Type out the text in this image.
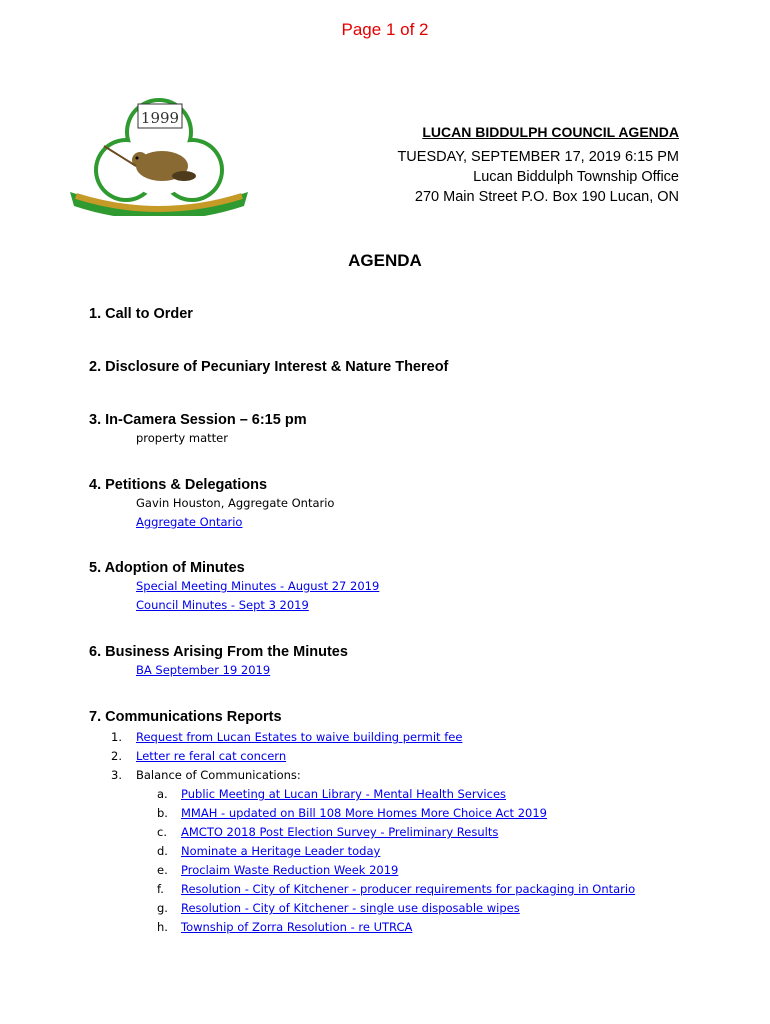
Page 1 of 2
1999
LUCAN BIDDULPH COUNCIL AGENDA
TUESDAY, SEPTEMBER 17, 2019 6:15 PM
Lucan Biddulph Township Office
270 Main Street P.O. Box 190 Lucan, ON
AGENDA
1. Call to Order
2. Disclosure of Pecuniary Interest & Nature Thereof
3. In-Camera Session – 6:15 pm
property matter
4. Petitions & Delegations
Gavin Houston, Aggregate Ontario
Aggregate Ontario
5. Adoption of Minutes
Special Meeting Minutes - August 27 2019
Council Minutes - Sept 3 2019
6. Business Arising From the Minutes
BA September 19 2019
7. Communications Reports
1. Request from Lucan Estates to waive building permit fee
2. Letter re feral cat concern
3. Balance of Communications:
a. Public Meeting at Lucan Library - Mental Health Services
b. MMAH - updated on Bill 108 More Homes More Choice Act 2019
c. AMCTO 2018 Post Election Survey - Preliminary Results
d. Nominate a Heritage Leader today
e. Proclaim Waste Reduction Week 2019
f. Resolution - City of Kitchener - producer requirements for packaging in Ontario
g. Resolution - City of Kitchener - single use disposable wipes
h. Township of Zorra Resolution - re UTRCA
